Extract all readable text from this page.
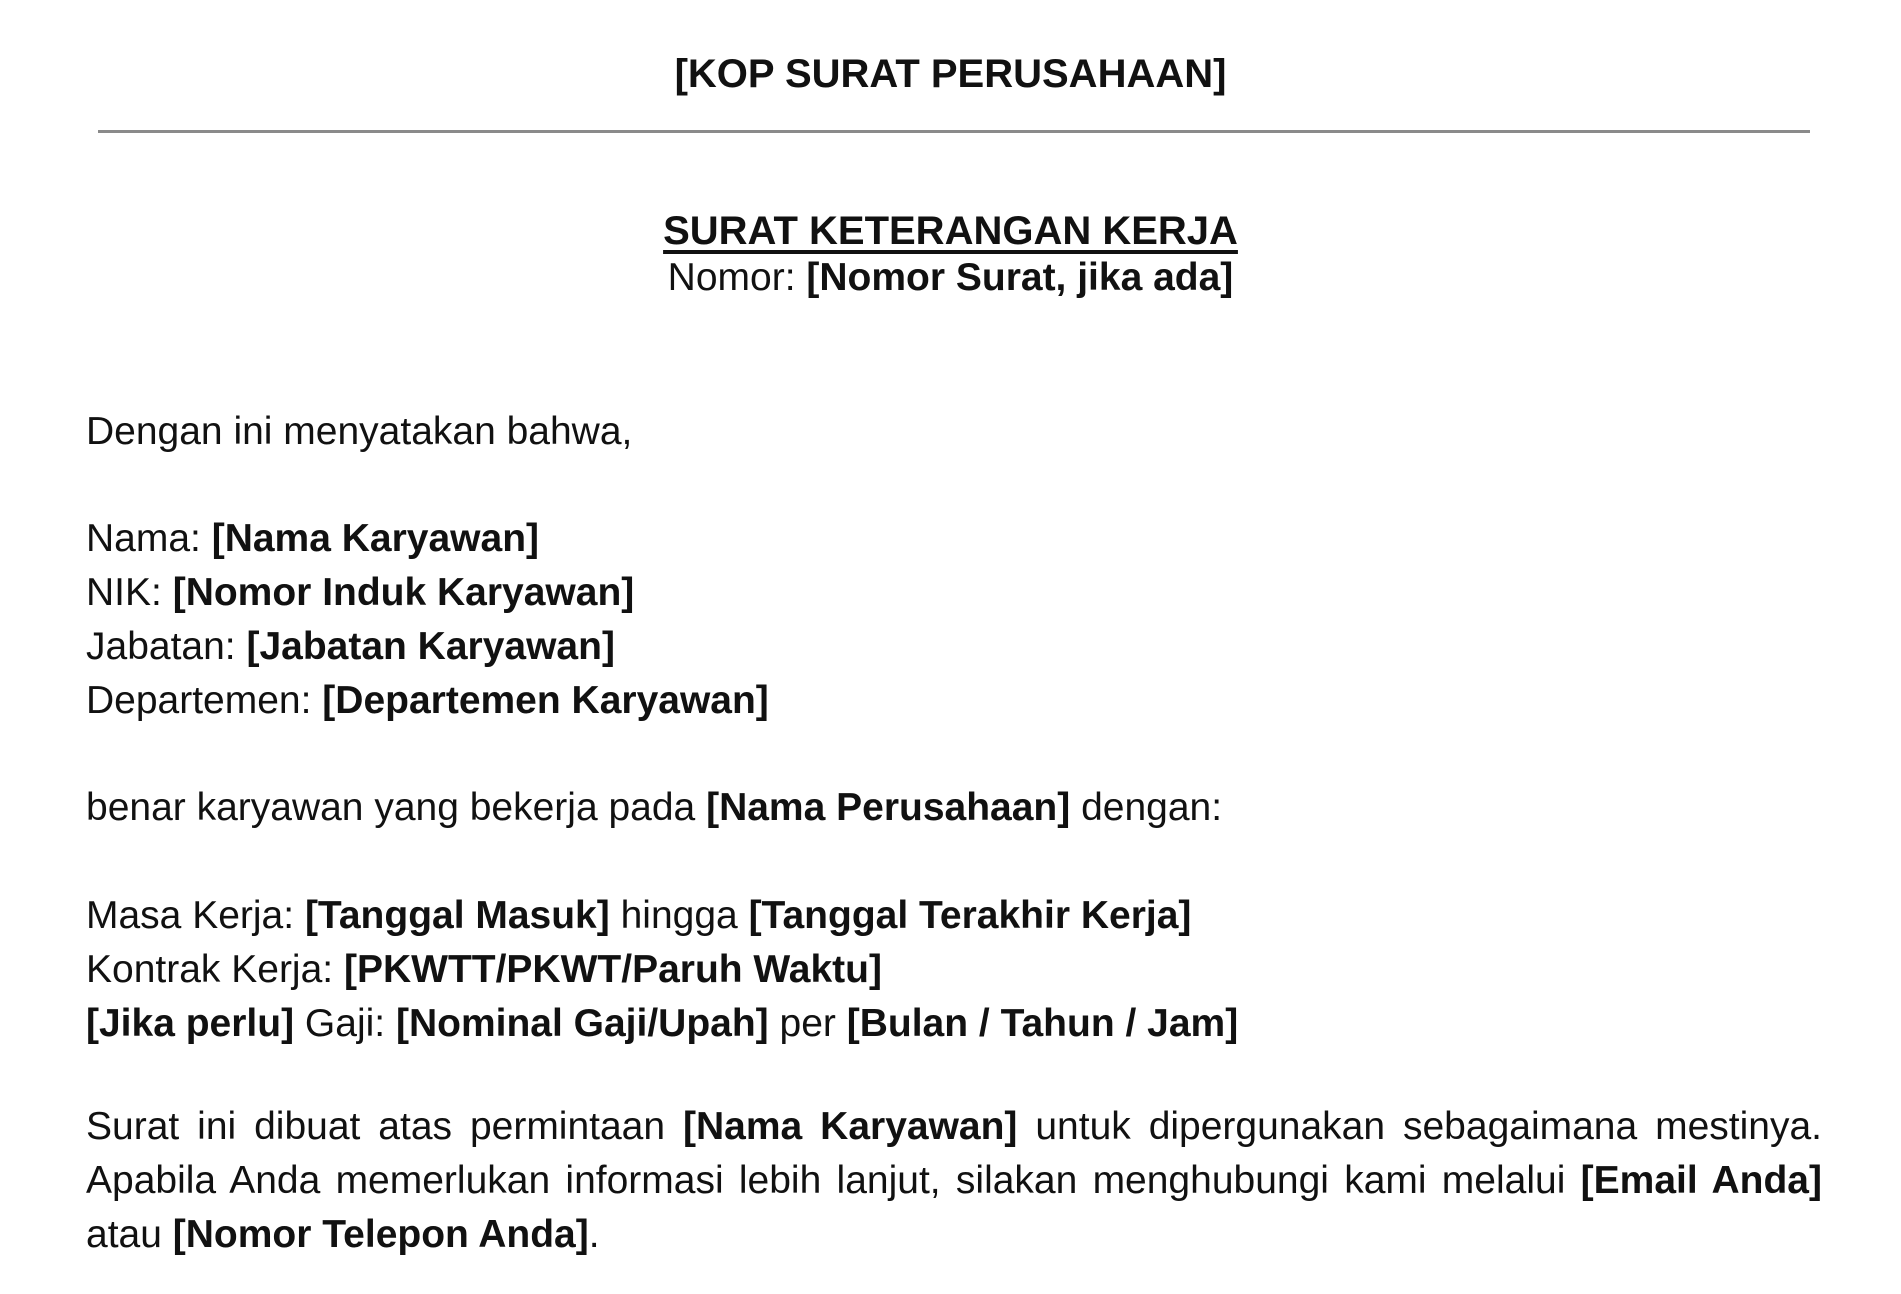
[KOP SURAT PERUSAHAAN]
SURAT KETERANGAN KERJA
Nomor: [Nomor Surat, jika ada]
Dengan ini menyatakan bahwa,
Nama: [Nama Karyawan]
NIK: [Nomor Induk Karyawan]
Jabatan: [Jabatan Karyawan]
Departemen: [Departemen Karyawan]
benar karyawan yang bekerja pada [Nama Perusahaan] dengan:
Masa Kerja: [Tanggal Masuk] hingga [Tanggal Terakhir Kerja]
Kontrak Kerja: [PKWTT/PKWT/Paruh Waktu]
[Jika perlu] Gaji: [Nominal Gaji/Upah] per [Bulan / Tahun / Jam]
Surat ini dibuat atas permintaan [Nama Karyawan] untuk dipergunakan sebagaimana mestinya. Apabila Anda memerlukan informasi lebih lanjut, silakan menghubungi kami melalui [Email Anda] atau [Nomor Telepon Anda].
